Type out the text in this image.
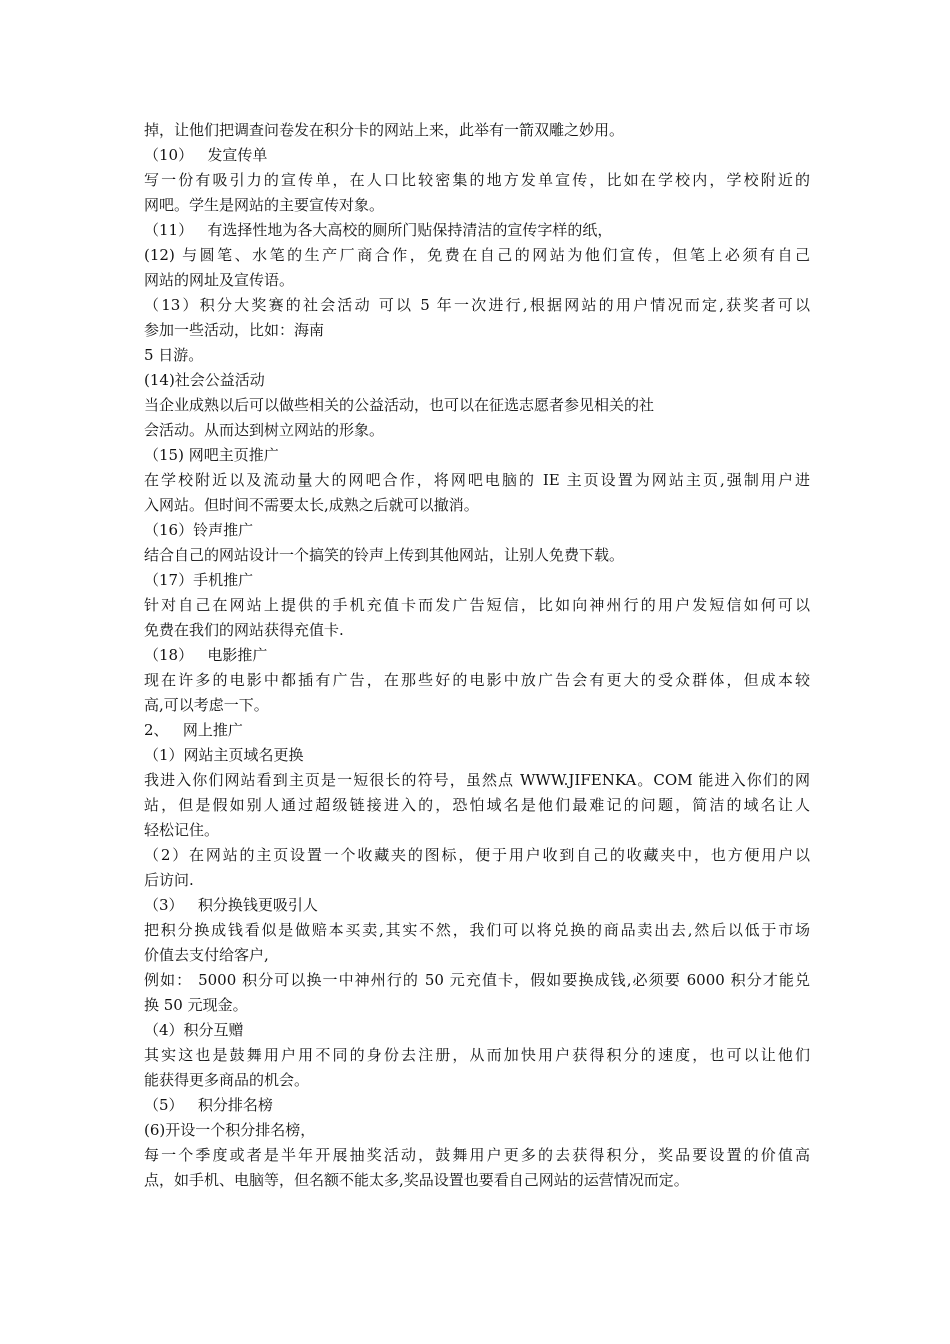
掉，让他们把调查问卷发在积分卡的网站上来，此举有一箭双雕之妙用。
（10）   发宣传单
写一份有吸引力的宣传单，在人口比较密集的地方发单宣传，比如在学校内，学校附近的
网吧。学生是网站的主要宣传对象。
（11）   有选择性地为各大高校的厕所门贴保持清洁的宣传字样的纸，
(12) 与圆笔、水笔的生产厂商合作，免费在自己的网站为他们宣传，但笔上必须有自己
网站的网址及宣传语。
（13）积分大奖赛的社会活动 可以 5 年一次进行,根据网站的用户情况而定,获奖者可以
参加一些活动，比如：海南
5 日游。
(14)社会公益活动
当企业成熟以后可以做些相关的公益活动，也可以在征选志愿者参见相关的社
会活动。从而达到树立网站的形象。
（15) 网吧主页推广
在学校附近以及流动量大的网吧合作，将网吧电脑的 IE 主页设置为网站主页,强制用户进
入网站。但时间不需要太长,成熟之后就可以撤消。
（16）铃声推广
结合自己的网站设计一个搞笑的铃声上传到其他网站，让别人免费下载。
（17）手机推广
针对自己在网站上提供的手机充值卡而发广告短信，比如向神州行的用户发短信如何可以
免费在我们的网站获得充值卡.
（18）   电影推广
现在许多的电影中都插有广告，在那些好的电影中放广告会有更大的受众群体，但成本较
高,可以考虑一下。
2、   网上推广
（1）网站主页域名更换
我进入你们网站看到主页是一短很长的符号，虽然点 WWW.JIFENKA。COM 能进入你们的网
站，但是假如别人通过超级链接进入的，恐怕域名是他们最难记的问题，简洁的域名让人
轻松记住。
（2）在网站的主页设置一个收藏夹的图标，便于用户收到自己的收藏夹中，也方便用户以
后访问.
（3）   积分换钱更吸引人
把积分换成钱看似是做赔本买卖,其实不然，我们可以将兑换的商品卖出去,然后以低于市场
价值去支付给客户,
例如： 5000 积分可以换一中神州行的 50 元充值卡，假如要换成钱,必须要 6000 积分才能兑
换 50 元现金。
（4）积分互赠
其实这也是鼓舞用户用不同的身份去注册，从而加快用户获得积分的速度，也可以让他们
能获得更多商品的机会。
（5）   积分排名榜
(6)开设一个积分排名榜，
每一个季度或者是半年开展抽奖活动，鼓舞用户更多的去获得积分，奖品要设置的价值高
点，如手机、电脑等，但名额不能太多,奖品设置也要看自己网站的运营情况而定。
